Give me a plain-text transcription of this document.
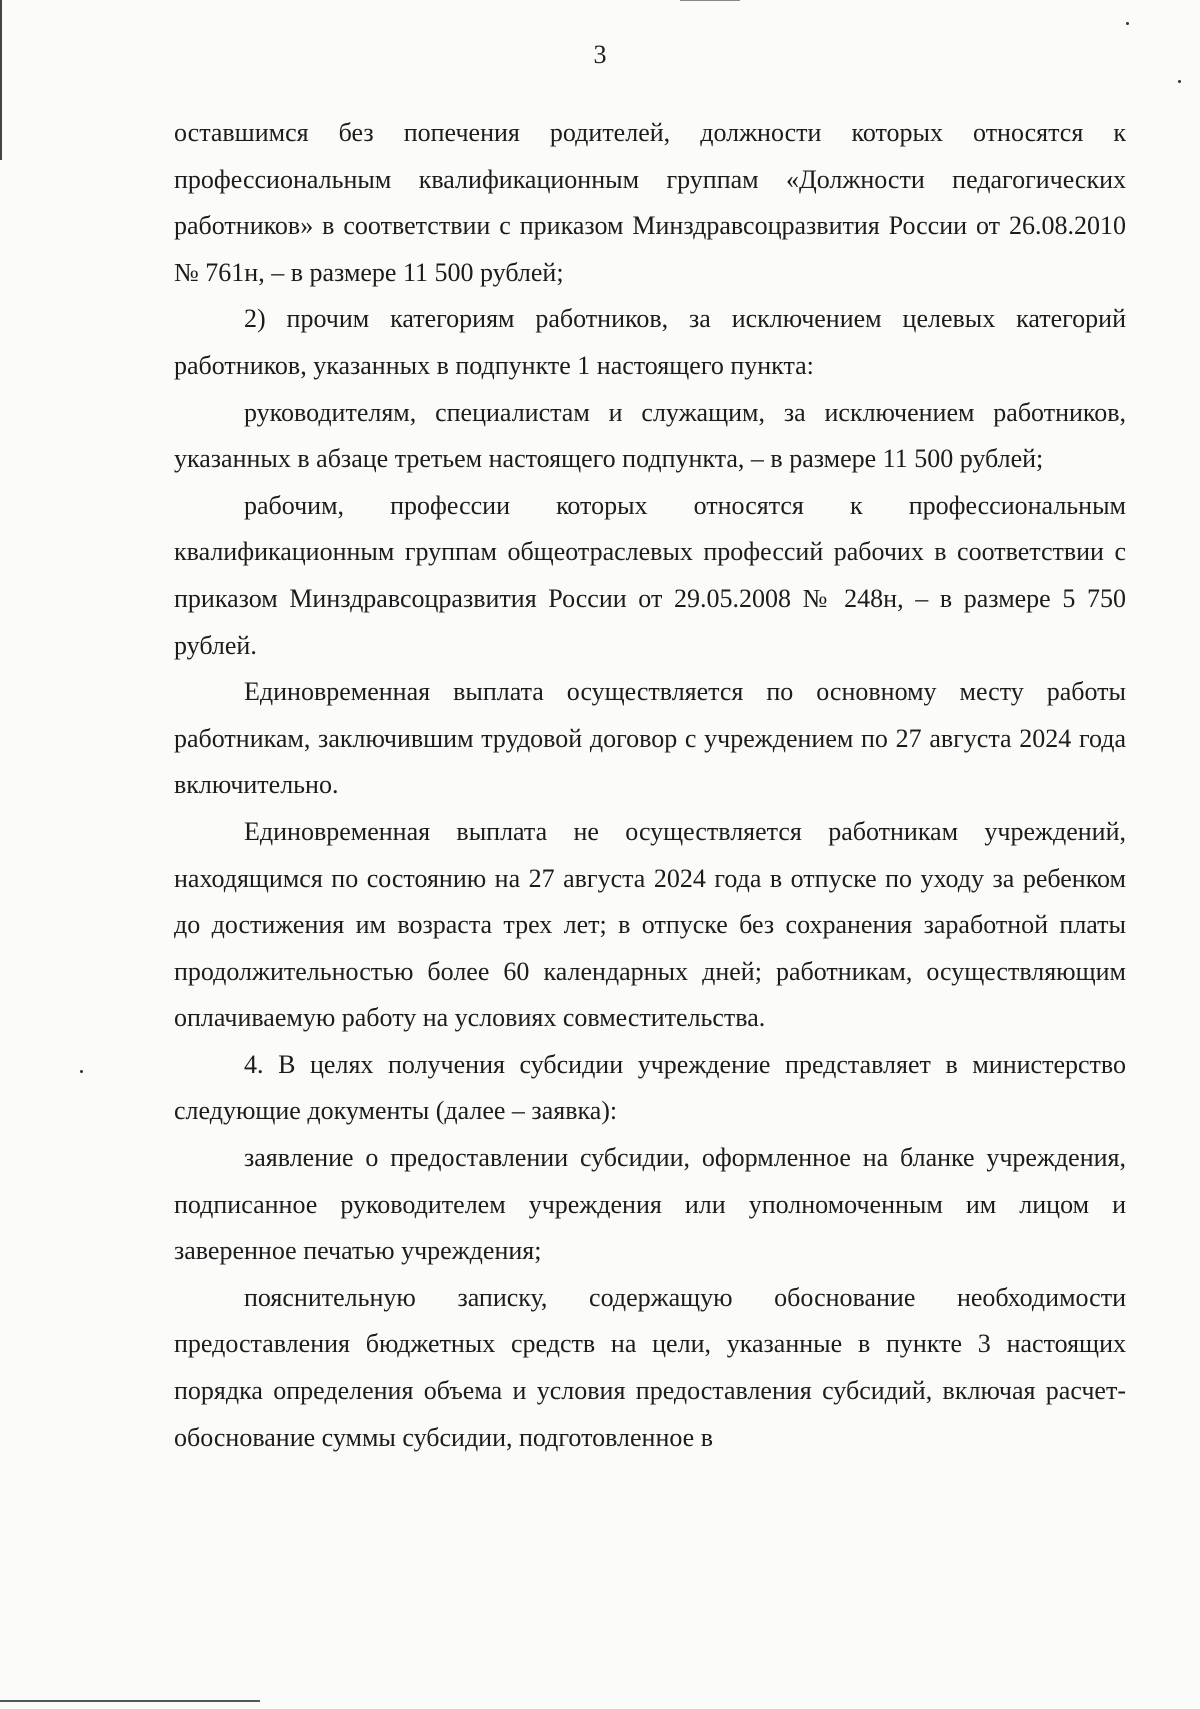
3

оставшимся без попечения родителей, должности которых относятся к профессиональным квалификационным группам «Должности педагогических работников» в соответствии с приказом Минздравсоцразвития России от 26.08.2010 № 761н, – в размере 11 500 рублей;

2) прочим категориям работников, за исключением целевых категорий работников, указанных в подпункте 1 настоящего пункта:

руководителям, специалистам и служащим, за исключением работников, указанных в абзаце третьем настоящего подпункта, – в размере 11 500 рублей;

рабочим, профессии которых относятся к профессиональным квалификационным группам общеотраслевых профессий рабочих в соответствии с приказом Минздравсоцразвития России от 29.05.2008 № 248н, – в размере 5 750 рублей.

Единовременная выплата осуществляется по основному месту работы работникам, заключившим трудовой договор с учреждением по 27 августа 2024 года включительно.

Единовременная выплата не осуществляется работникам учреждений, находящимся по состоянию на 27 августа 2024 года в отпуске по уходу за ребенком до достижения им возраста трех лет; в отпуске без сохранения заработной платы продолжительностью более 60 календарных дней; работникам, осуществляющим оплачиваемую работу на условиях совместительства.

4. В целях получения субсидии учреждение представляет в министерство следующие документы (далее – заявка):

заявление о предоставлении субсидии, оформленное на бланке учреждения, подписанное руководителем учреждения или уполномоченным им лицом и заверенное печатью учреждения;

пояснительную записку, содержащую обоснование необходимости предоставления бюджетных средств на цели, указанные в пункте 3 настоящих порядка определения объема и условия предоставления субсидий, включая расчет-обоснование суммы субсидии, подготовленное в
